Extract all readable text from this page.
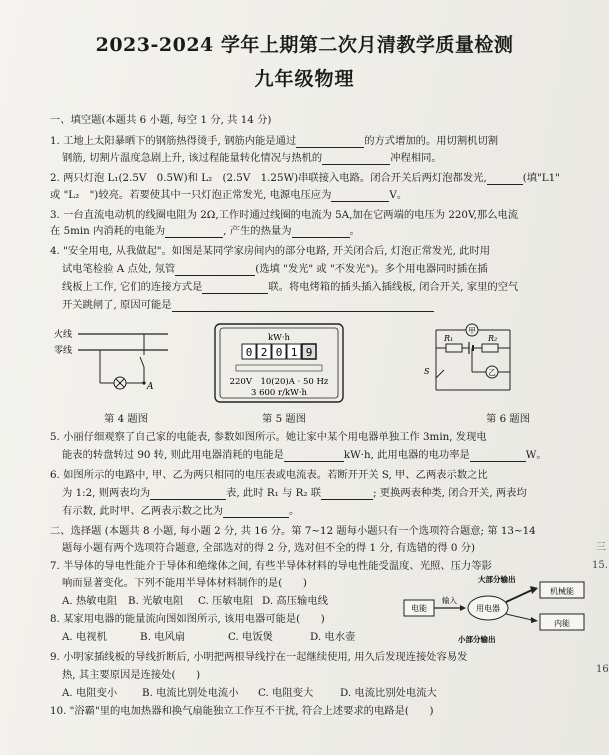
2023-2024 学年上期第二次月清教学质量检测
九年级物理
一、填空题(本题共 6 小题, 每空 1 分, 共 14 分)
1. 工地上太阳暴晒下的钢筋热得烫手, 钢筋内能是通过	的方式增加的。用切割机切割
钢筋, 切割片温度急剧上升, 该过程能量转化情况与热机的	冲程相同。
2. 两只灯泡 L₁(2.5V　0.5W)和 L₂　(2.5V　1.25W)串联接入电路。闭合开关后两灯泡都发光,	(填"L1"
或 "L₂　")较亮。若要使其中一只灯泡正常发光, 电源电压应为	V。
3. 一台直流电动机的线圈电阻为 2Ω,工作时通过线圈的电流为 5A,加在它两端的电压为 220V,那么电流
在 5min 内消耗的电能为	, 产生的热量为	。
4. "安全用电, 从我做起"。如图是某同学家房间内的部分电路, 开关闭合后, 灯泡正常发光, 此时用
试电笔检验 A 点处, 氖管	(选填 "发光" 或 "不发光")。多个用电器同时插在插
线板上工作, 它们的连接方式是	联。将电烤箱的插头插入插线板, 闭合开关, 家里的空气
开关跳闸了, 原因可能是
火线
零线
A
第 4 题图
kW·h
0 2 0 1 9
220V　10(20)A · 50 Hz
3 600 r/kW·h
第 5 题图
甲
R₁	R₂
乙
S
第 6 题图
5. 小丽仔细观察了自己家的电能表, 参数如图所示。她让家中某个用电器单独工作 3min, 发现电
能表的转盘转过 90 转, 则此用电器消耗的电能是	kW·h, 此用电器的电功率是	W。
6. 如图所示的电路中, 甲、乙为两只相同的电压表或电流表。若断开开关 S, 甲、乙两表示数之比
为 1:2, 则两表均为	表, 此时 R₁ 与 R₂ 联	; 更换两表种类, 闭合开关, 两表均
有示数, 此时甲、乙两表示数之比为	。
二、选择题 (本题共 8 小题, 每小题 2 分, 共 16 分。第 7~12 题每小题只有一个选项符合题意; 第 13~14
题每小题有两个选项符合题意, 全部选对的得 2 分, 选对但不全的得 1 分, 有选错的得 0 分)
7. 半导体的导电性能介于导体和绝缘体之间, 有些半导体材料的导电性能受温度、光照、压力等影
响而显著变化。下列不能用半导体材料制作的是(　　)
A. 热敏电阻 B. 光敏电阻 C. 压敏电阻 D. 高压输电线
8. 某家用电器的能量流向图如图所示, 该用电器可能是(　　)
A. 电视机	B. 电风扇	C. 电饭煲	D. 电水壶
大部分输出
电能
输入
用电器
机械能
内能
小部分输出
9. 小明家插线板的导线折断后, 小明把两根导线拧在一起继续使用, 用久后发现连接处容易发
热, 其主要原因是连接处(　　)
A. 电阻变小 B. 电流比别处电流小 C. 电阻变大	D. 电流比别处电流大
10. "浴霸"里的电加热器和换气扇能独立工作互不干扰, 符合上述要求的电路是(　　)
三
15.
16
